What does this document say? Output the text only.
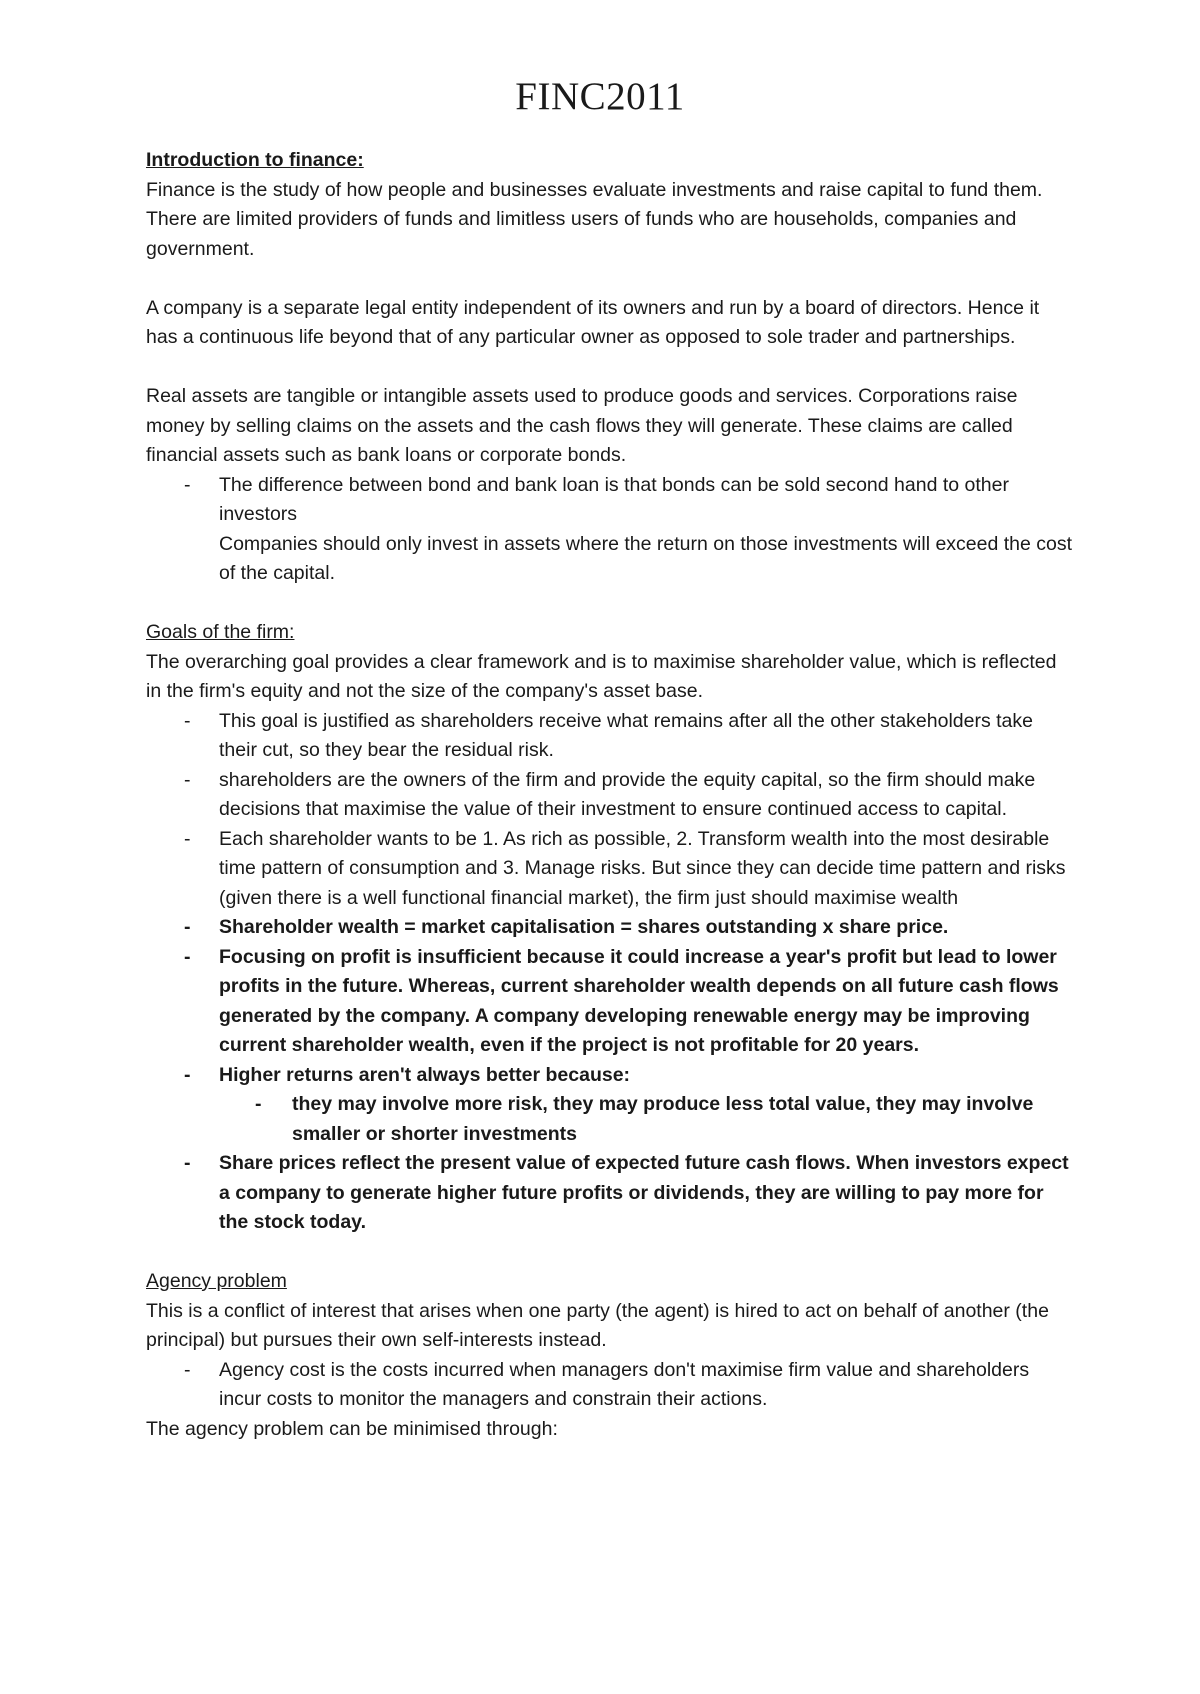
FINC2011

Introduction to finance:

Finance is the study of how people and businesses evaluate investments and raise capital to fund them. There are limited providers of funds and limitless users of funds who are households, companies and government.

A company is a separate legal entity independent of its owners and run by a board of directors. Hence it has a continuous life beyond that of any particular owner as opposed to sole trader and partnerships.

Real assets are tangible or intangible assets used to produce goods and services. Corporations raise money by selling claims on the assets and the cash flows they will generate. These claims are called financial assets such as bank loans or corporate bonds.

- The difference between bond and bank loan is that bonds can be sold second hand to other investors
Companies should only invest in assets where the return on those investments will exceed the cost of the capital.

Goals of the firm:

The overarching goal provides a clear framework and is to maximise shareholder value, which is reflected in the firm's equity and not the size of the company's asset base.

- This goal is justified as shareholders receive what remains after all the other stakeholders take their cut, so they bear the residual risk.
- shareholders are the owners of the firm and provide the equity capital, so the firm should make decisions that maximise the value of their investment to ensure continued access to capital.
- Each shareholder wants to be 1. As rich as possible, 2. Transform wealth into the most desirable time pattern of consumption and 3. Manage risks. But since they can decide time pattern and risks (given there is a well functional financial market), the firm just should maximise wealth
- Shareholder wealth = market capitalisation = shares outstanding x share price.
- Focusing on profit is insufficient because it could increase a year's profit but lead to lower profits in the future. Whereas, current shareholder wealth depends on all future cash flows generated by the company. A company developing renewable energy may be improving current shareholder wealth, even if the project is not profitable for 20 years.
- Higher returns aren't always better because:
- they may involve more risk, they may produce less total value, they may involve smaller or shorter investments
- Share prices reflect the present value of expected future cash flows. When investors expect a company to generate higher future profits or dividends, they are willing to pay more for the stock today.

Agency problem

This is a conflict of interest that arises when one party (the agent) is hired to act on behalf of another (the principal) but pursues their own self-interests instead.

- Agency cost is the costs incurred when managers don't maximise firm value and shareholders incur costs to monitor the managers and constrain their actions.

The agency problem can be minimised through:
